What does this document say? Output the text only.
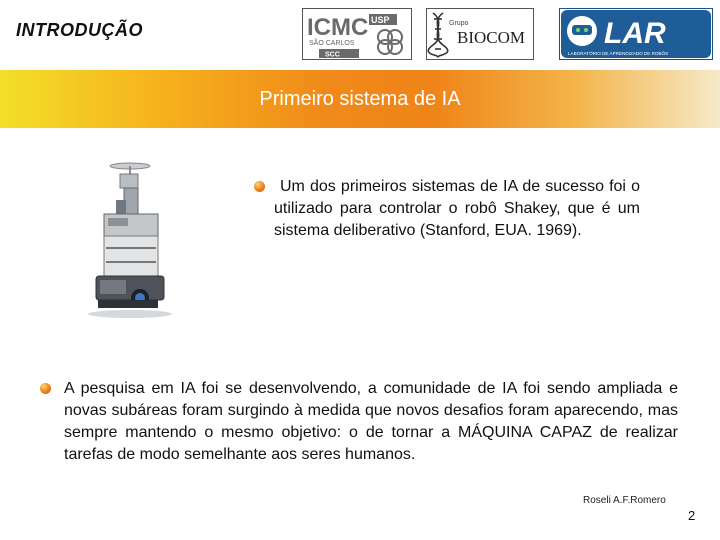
INTRODUÇÃO	ICMC USP
SÃO CARLOS
SCC
Grupo
BIOCOM	LAR
LABORATÓRIO DE APRENDIZADO DE ROBÔS
Primeiro sistema de IA
Um dos primeiros sistemas de IA de sucesso foi o utilizado para controlar o robô Shakey, que é um sistema deliberativo (Stanford, EUA. 1969).
A pesquisa em IA foi se desenvolvendo, a comunidade de IA foi sendo ampliada e novas subáreas foram surgindo à medida que novos desafios foram aparecendo, mas sempre mantendo o mesmo objetivo: o de tornar a MÁQUINA CAPAZ de realizar tarefas de modo semelhante aos seres humanos.
Roseli A.F.Romero
2
